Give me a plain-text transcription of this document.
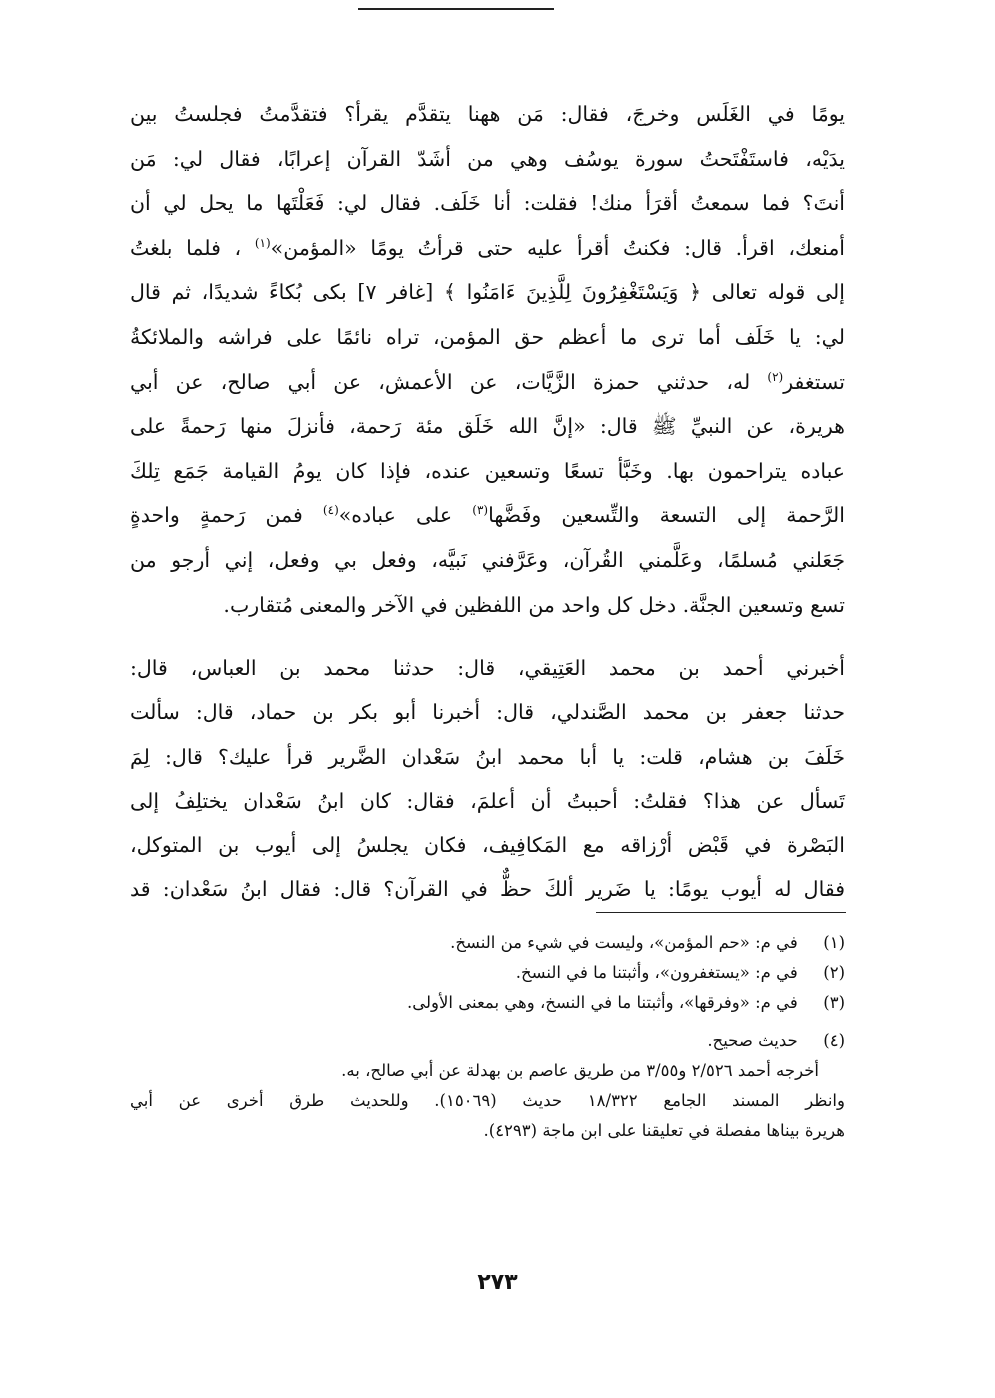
يومًا في الغَلَس وخرجَ، فقال: مَن ههنا يتقدَّم يقرأ؟ فتقدَّمتُ فجلستُ بين
يدَيْه، فاستَفْتَحتُ سورة يوسُف وهي من أشَدّ القرآن إعرابًا، فقال لي: مَن
أنتَ؟ فما سمعتُ أقرَأ منك! فقلت: أنا خَلَف. فقال لي: فَعَلْتَها ما يحل لي أن
أمنعك، اقرأ. قال: فكنتُ أقرأ عليه حتى قرأتُ يومًا «المؤمن»$^{(١)}$ ، فلما بلغتُ
إلى قوله تعالى ﴿ وَيَسْتَغْفِرُونَ لِلَّذِينَ ءَامَنُوا ﴾ [غافر ٧] بكى بُكاءً شديدًا، ثم قال
لي: يا خَلَف أما ترى ما أعظم حق المؤمن، تراه نائمًا على فراشه والملائكةُ
تستغفر$^{(٢)}$ له، حدثني حمزة الزَّيَّات، عن الأعمش، عن أبي صالح، عن أبي
هريرة، عن النبيِّ ﷺ قال: «إنَّ الله خَلَق مئة رَحمة، فأنزلَ منها رَحمةً على
عباده يتراحمون بها. وخَبَّأ تسعًا وتسعين عنده، فإذا كان يومُ القيامة جَمَع تِلكَ
الرَّحمة إلى التسعة والتِّسعين وفَضَّها$^{(٣)}$ على عباده»$^{(٤)}$ فمن رَحمةٍ واحدةٍ
جَعَلني مُسلمًا، وعَلَّمني القُرآن، وعَرَّفني نَبيَّه، وفعل بي وفعل، إني أرجو من
تسع وتسعين الجنَّة. دخل كل واحد من اللفظين في الآخر والمعنى مُتقارب.
أخبرني أحمد بن محمد العَتِيقي، قال: حدثنا محمد بن العباس، قال:
حدثنا جعفر بن محمد الصَّندلي، قال: أخبرنا أبو بكر بن حماد، قال: سألت
خَلَفَ بن هشام، قلت: يا أبا محمد ابنُ سَعْدان الضَّرير قرأ عليك؟ قال: لِمَ
تَسأل عن هذا؟ فقلتُ: أحببتُ أن أعلمَ، فقال: كان ابنُ سَعْدان يختلِفُ إلى
البَصْرة في قَبْض أرْزاقه مع المَكافِيف، فكان يجلسُ إلى أيوب بن المتوكل،
فقال له أيوب يومًا: يا ضَرير ألكَ حظٌّ في القرآن؟ قال: فقال ابنُ سَعْدان: قد
(١) في م: «حم المؤمن»، وليست في شيء من النسخ.
(٢) في م: «يستغفرون»، وأثبتنا ما في النسخ.
(٣) في م: «وفرقها»، وأثبتنا ما في النسخ، وهي بمعنى الأولى.
(٤) حديث صحيح.
أخرجه أحمد ٢/٥٢٦ و٣/٥٥ من طريق عاصم بن بهدلة عن أبي صالح، به.
وانظر المسند الجامع ١٨/٣٢٢ حديث (١٥٠٦٩). وللحديث طرق أخرى عن أبي
هريرة بيناها مفصلة في تعليقنا على ابن ماجة (٤٢٩٣).
٢٧٣
